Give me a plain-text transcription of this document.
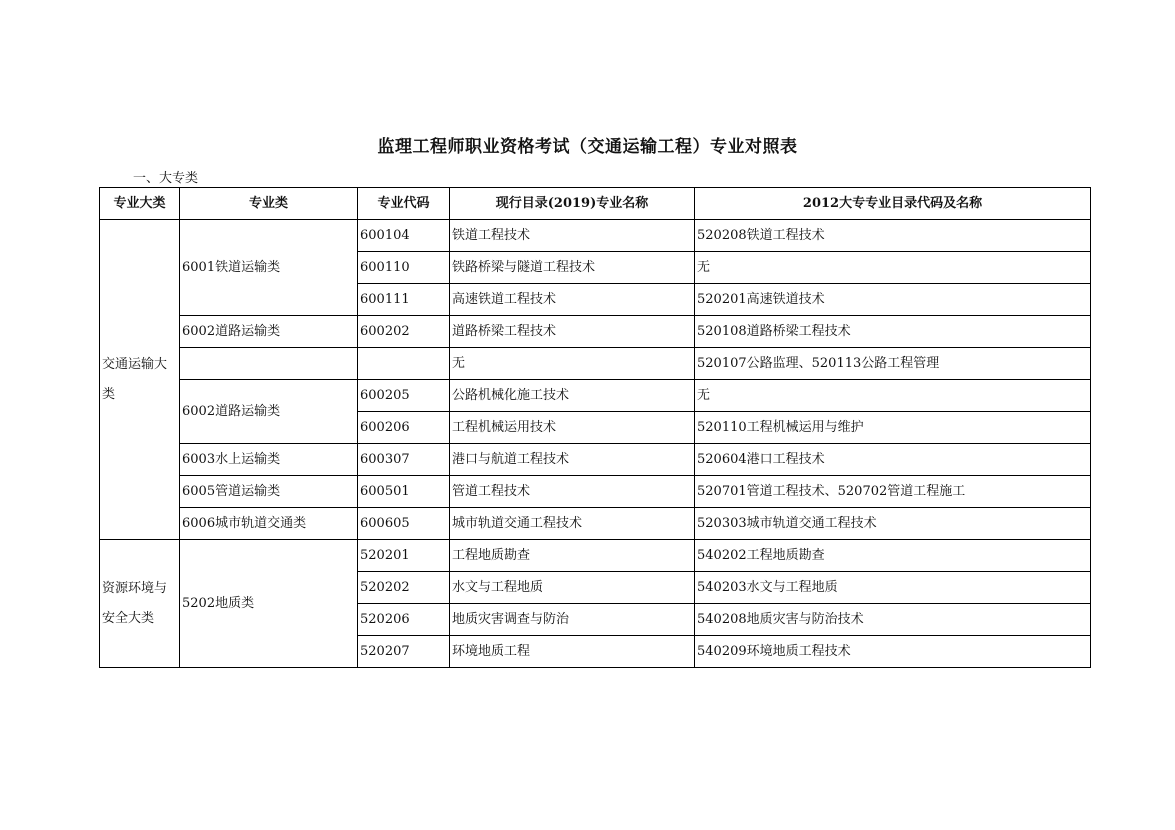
监理工程师职业资格考试（交通运输工程）专业对照表
一、大专类
专业大类	专业类	专业代码	现行目录(2019)专业名称	2012大专专业目录代码及名称
交通运输大类	6001铁道运输类	600104	铁道工程技术	520208铁道工程技术
		600110	铁路桥梁与隧道工程技术	无
		600111	高速铁道工程技术	520201高速铁道技术
	6002道路运输类	600202	道路桥梁工程技术	520108道路桥梁工程技术
			无	520107公路监理、520113公路工程管理
	6002道路运输类	600205	公路机械化施工技术	无
		600206	工程机械运用技术	520110工程机械运用与维护
	6003水上运输类	600307	港口与航道工程技术	520604港口工程技术
	6005管道运输类	600501	管道工程技术	520701管道工程技术、520702管道工程施工
	6006城市轨道交通类	600605	城市轨道交通工程技术	520303城市轨道交通工程技术
资源环境与安全大类	5202地质类	520201	工程地质勘查	540202工程地质勘查
		520202	水文与工程地质	540203水文与工程地质
		520206	地质灾害调查与防治	540208地质灾害与防治技术
		520207	环境地质工程	540209环境地质工程技术
